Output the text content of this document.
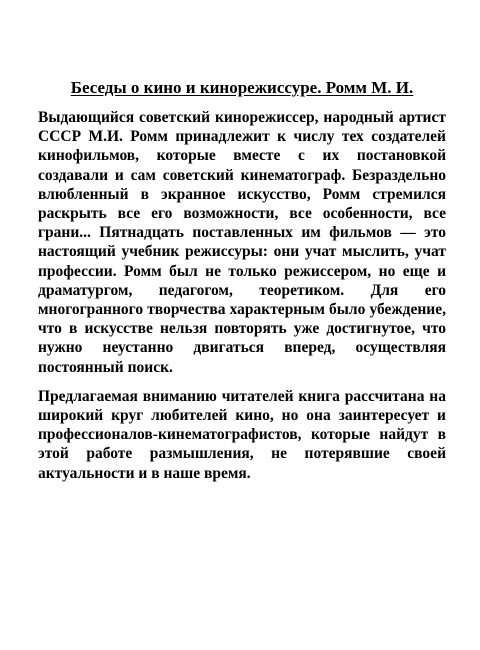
Беседы о кино и кинорежиссуре. Ромм М. И.

Выдающийся советский кинорежиссер, народный артист СССР М.И. Ромм принадлежит к числу тех создателей кинофильмов, которые вместе с их постановкой создавали и сам советский кинематограф. Безраздельно влюбленный в экранное искусство, Ромм стремился раскрыть все его возможности, все особенности, все грани... Пятнадцать поставленных им фильмов — это настоящий учебник режиссуры: они учат мыслить, учат профессии. Ромм был не только режиссером, но еще и драматургом, педагогом, теоретиком. Для его многогранного творчества характерным было убеждение, что в искусстве нельзя повторять уже достигнутое, что нужно неустанно двигаться вперед, осуществляя постоянный поиск.

Предлагаемая вниманию читателей книга рассчитана на широкий круг любителей кино, но она заинтересует и профессионалов-кинематографистов, которые найдут в этой работе размышления, не потерявшие своей актуальности и в наше время.
